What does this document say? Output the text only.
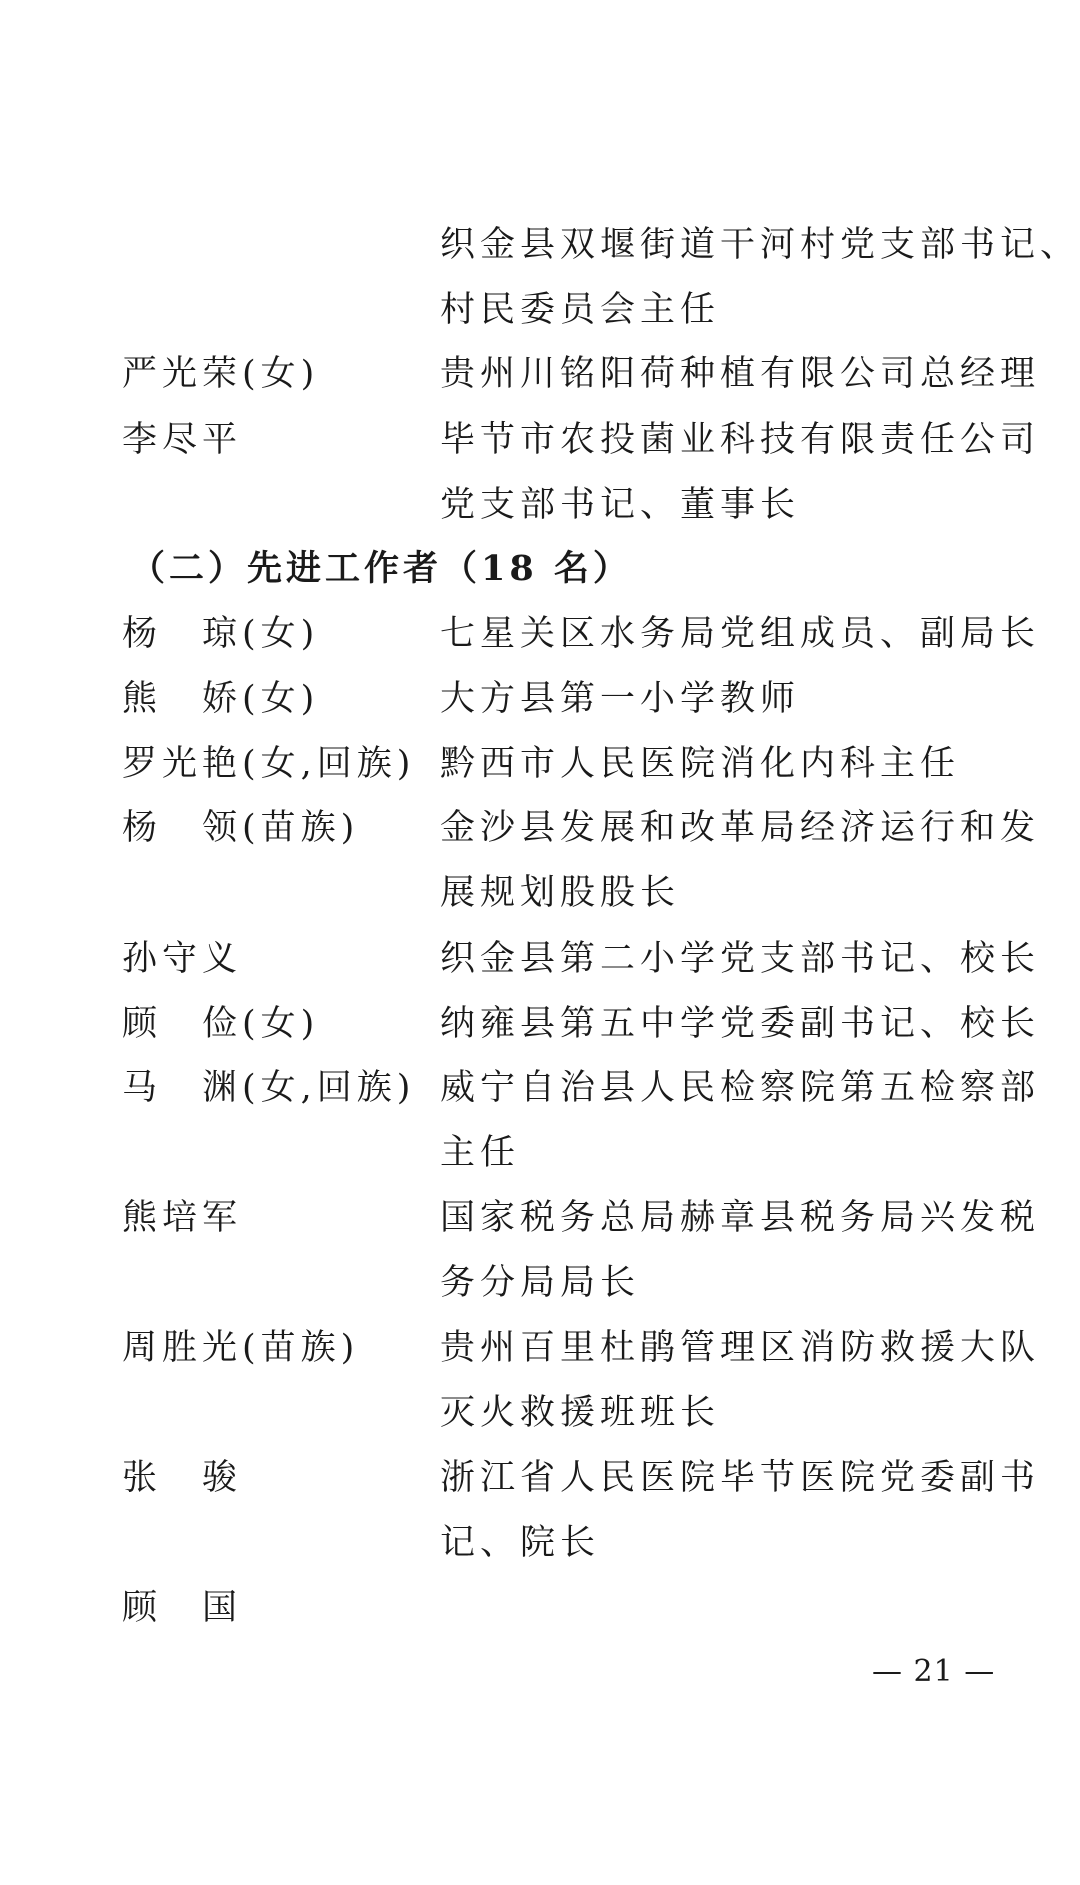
织金县双堰街道干河村党支部书记、
村民委员会主任
严光荣(女)	贵州川铭阳荷种植有限公司总经理
李尽平	毕节市农投菌业科技有限责任公司
党支部书记、董事长
（二）先进工作者（18 名）
杨　琼(女)	七星关区水务局党组成员、副局长
熊　娇(女)	大方县第一小学教师
罗光艳(女,回族) 黔西市人民医院消化内科主任
杨　领(苗族) 金沙县发展和改革局经济运行和发
展规划股股长
孙守义	织金县第二小学党支部书记、校长
顾　俭(女)	纳雍县第五中学党委副书记、校长
马　渊(女,回族) 威宁自治县人民检察院第五检察部
主任
熊培军	国家税务总局赫章县税务局兴发税
务分局局长
周胜光(苗族) 贵州百里杜鹃管理区消防救援大队
灭火救援班班长
张　骏	浙江省人民医院毕节医院党委副书
记、院长
顾　国
— 21 —
